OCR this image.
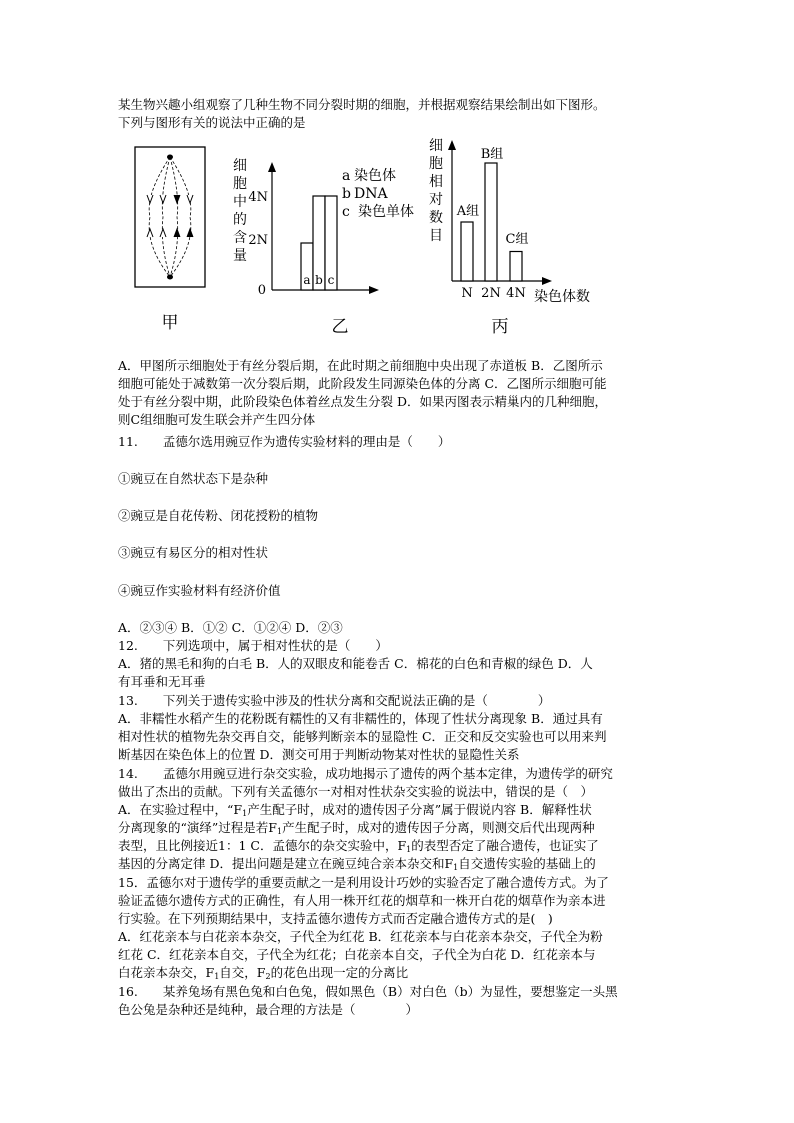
某生物兴趣小组观察了几种生物不同分裂时期的细胞，并根据观察结果绘制出如下图形。
下列与图形有关的说法中正确的是
甲
细
胞
中
的
含
量
4N
2N
0
a b c
a 染色体
b DNA
c 染色单体
乙
细
胞
相
对
数
目
A组
B组
C组
N 2N 4N 染色体数
丙
A．甲图所示细胞处于有丝分裂后期，在此时期之前细胞中央出现了赤道板 B．乙图所示
细胞可能处于减数第一次分裂后期，此阶段发生同源染色体的分离 C．乙图所示细胞可能
处于有丝分裂中期，此阶段染色体着丝点发生分裂 D．如果丙图表示精巢内的几种细胞，
则C组细胞可发生联会并产生四分体
11.　　孟德尔选用豌豆作为遗传实验材料的理由是（　　）
①豌豆在自然状态下是杂种
②豌豆是自花传粉、闭花授粉的植物
③豌豆有易区分的相对性状
④豌豆作实验材料有经济价值
A．②③④ B．①② C．①②④ D．②③
12.　　下列选项中，属于相对性状的是（　　）
A．猪的黑毛和狗的白毛 B．人的双眼皮和能卷舌 C．棉花的白色和青椒的绿色 D．人
有耳垂和无耳垂
13.　　下列关于遗传实验中涉及的性状分离和交配说法正确的是（　　　　）
A．非糯性水稻产生的花粉既有糯性的又有非糯性的，体现了性状分离现象 B．通过具有
相对性状的植物先杂交再自交，能够判断亲本的显隐性 C．正交和反交实验也可以用来判
断基因在染色体上的位置 D．测交可用于判断动物某对性状的显隐性关系
14.　　孟德尔用豌豆进行杂交实验，成功地揭示了遗传的两个基本定律，为遗传学的研究
做出了杰出的贡献。下列有关孟德尔一对相对性状杂交实验的说法中，错误的是（　）
A．在实验过程中，“$F_1$产生配子时，成对的遗传因子分离”属于假说内容 B．解释性状
分离现象的“演绎”过程是若$F_1$产生配子时，成对的遗传因子分离，则测交后代出现两种
表型，且比例接近1：1 C．孟德尔的杂交实验中，$F_1$的表型否定了融合遗传，也证实了
基因的分离定律 D．提出问题是建立在豌豆纯合亲本杂交和$F_1$自交遗传实验的基础上的
15．孟德尔对于遗传学的重要贡献之一是利用设计巧妙的实验否定了融合遗传方式。为了
验证孟德尔遗传方式的正确性，有人用一株开红花的烟草和一株开白花的烟草作为亲本进
行实验。在下列预期结果中，支持孟德尔遗传方式而否定融合遗传方式的是(　)
A．红花亲本与白花亲本杂交，子代全为红花 B．红花亲本与白花亲本杂交，子代全为粉
红花 C．红花亲本自交，子代全为红花；白花亲本自交，子代全为白花 D．红花亲本与
白花亲本杂交，$F_1$自交，$F_2$的花色出现一定的分离比
16.　　某养兔场有黑色兔和白色兔，假如黑色（B）对白色（b）为显性，要想鉴定一头黑
色公兔是杂种还是纯种，最合理的方法是（　　　　）
